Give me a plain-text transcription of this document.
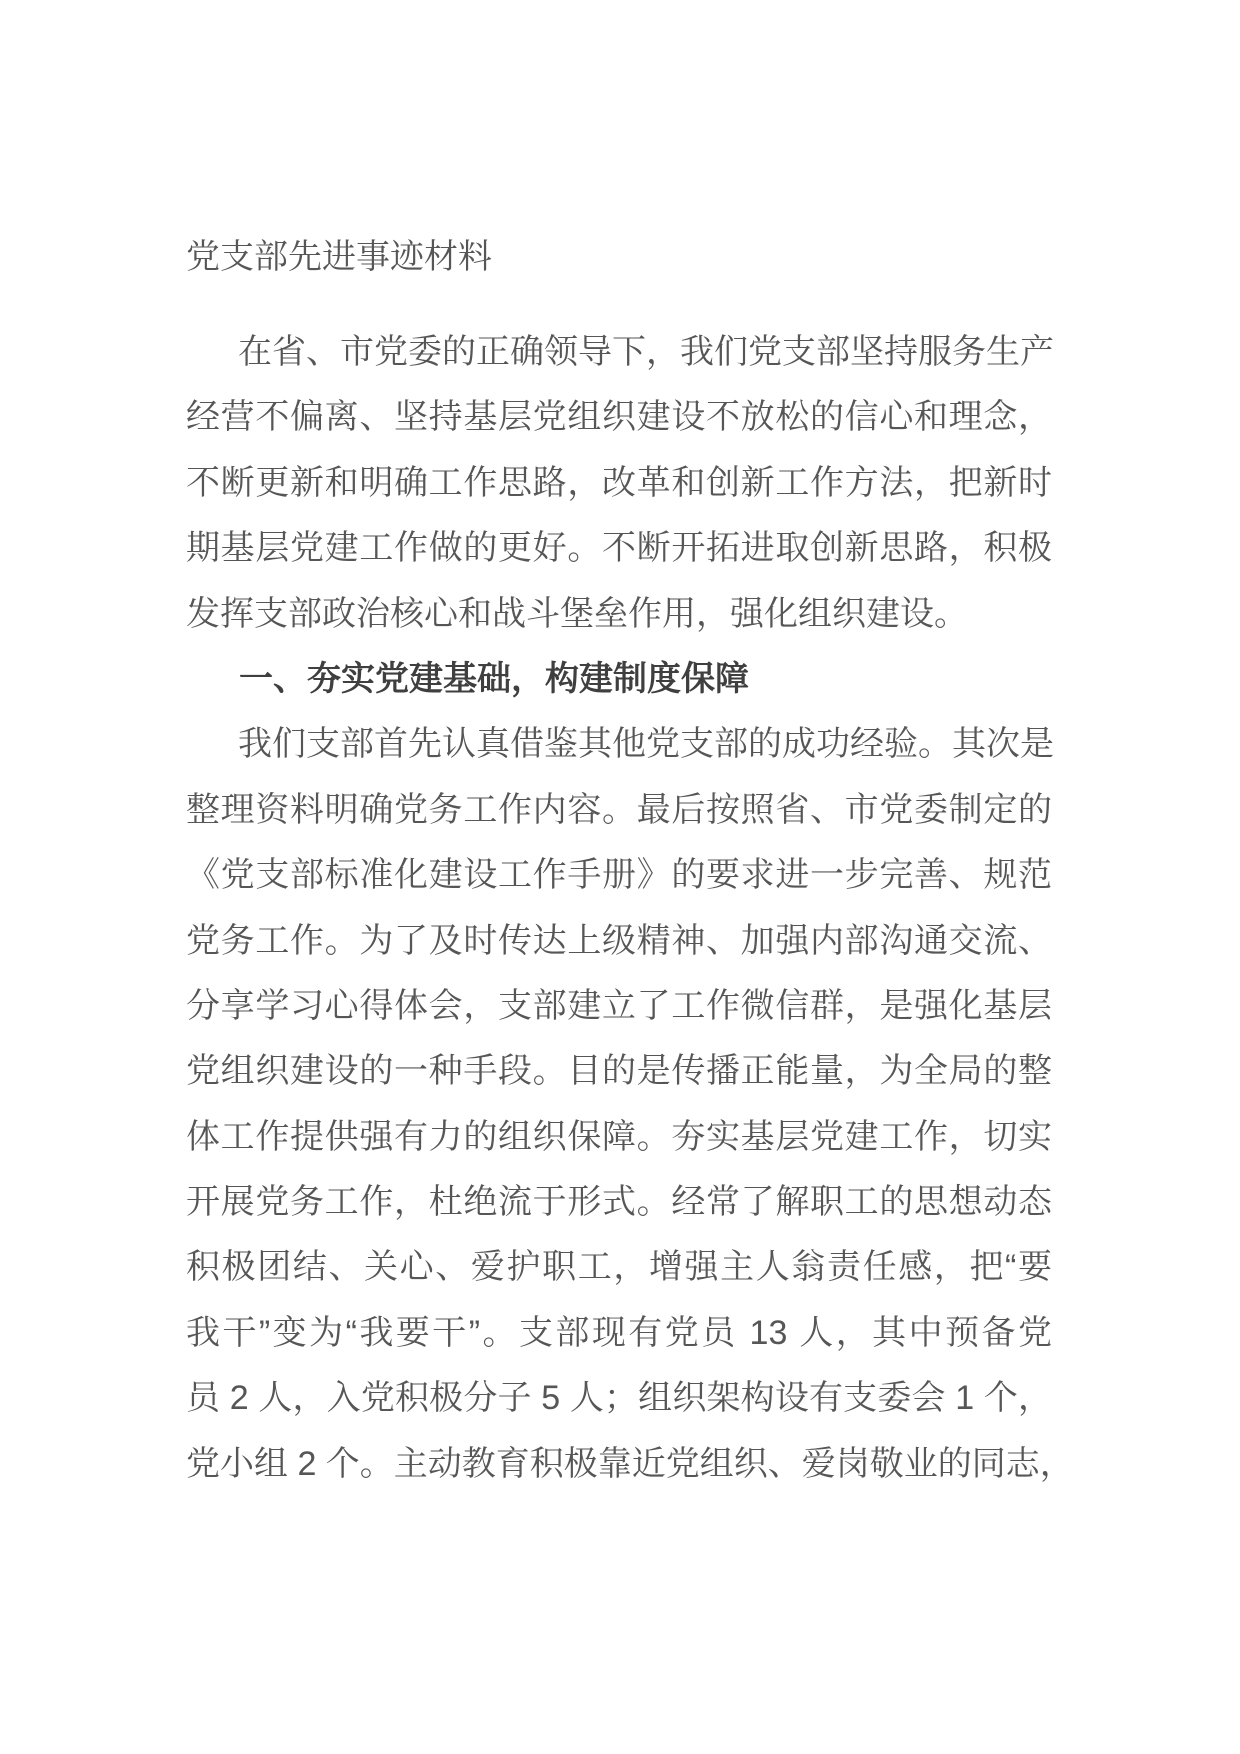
党支部先进事迹材料
在省、市党委的正确领导下，我们党支部坚持服务生产
经营不偏离、坚持基层党组织建设不放松的信心和理念，
不断更新和明确工作思路，改革和创新工作方法，把新时
期基层党建工作做的更好。不断开拓进取创新思路，积极
发挥支部政治核心和战斗堡垒作用，强化组织建设。
一、夯实党建基础，构建制度保障
我们支部首先认真借鉴其他党支部的成功经验。其次是
整理资料明确党务工作内容。最后按照省、市党委制定的
《党支部标准化建设工作手册》的要求进一步完善、规范
党务工作。为了及时传达上级精神、加强内部沟通交流、
分享学习心得体会，支部建立了工作微信群，是强化基层
党组织建设的一种手段。目的是传播正能量，为全局的整
体工作提供强有力的组织保障。夯实基层党建工作，切实
开展党务工作，杜绝流于形式。经常了解职工的思想动态
积极团结、关心、爱护职工，增强主人翁责任感，把“要
我干”变为“我要干”。支部现有党员 13 人，其中预备党
员 2 人，入党积极分子 5 人；组织架构设有支委会 1 个，
党小组 2 个。主动教育积极靠近党组织、爱岗敬业的同志，
